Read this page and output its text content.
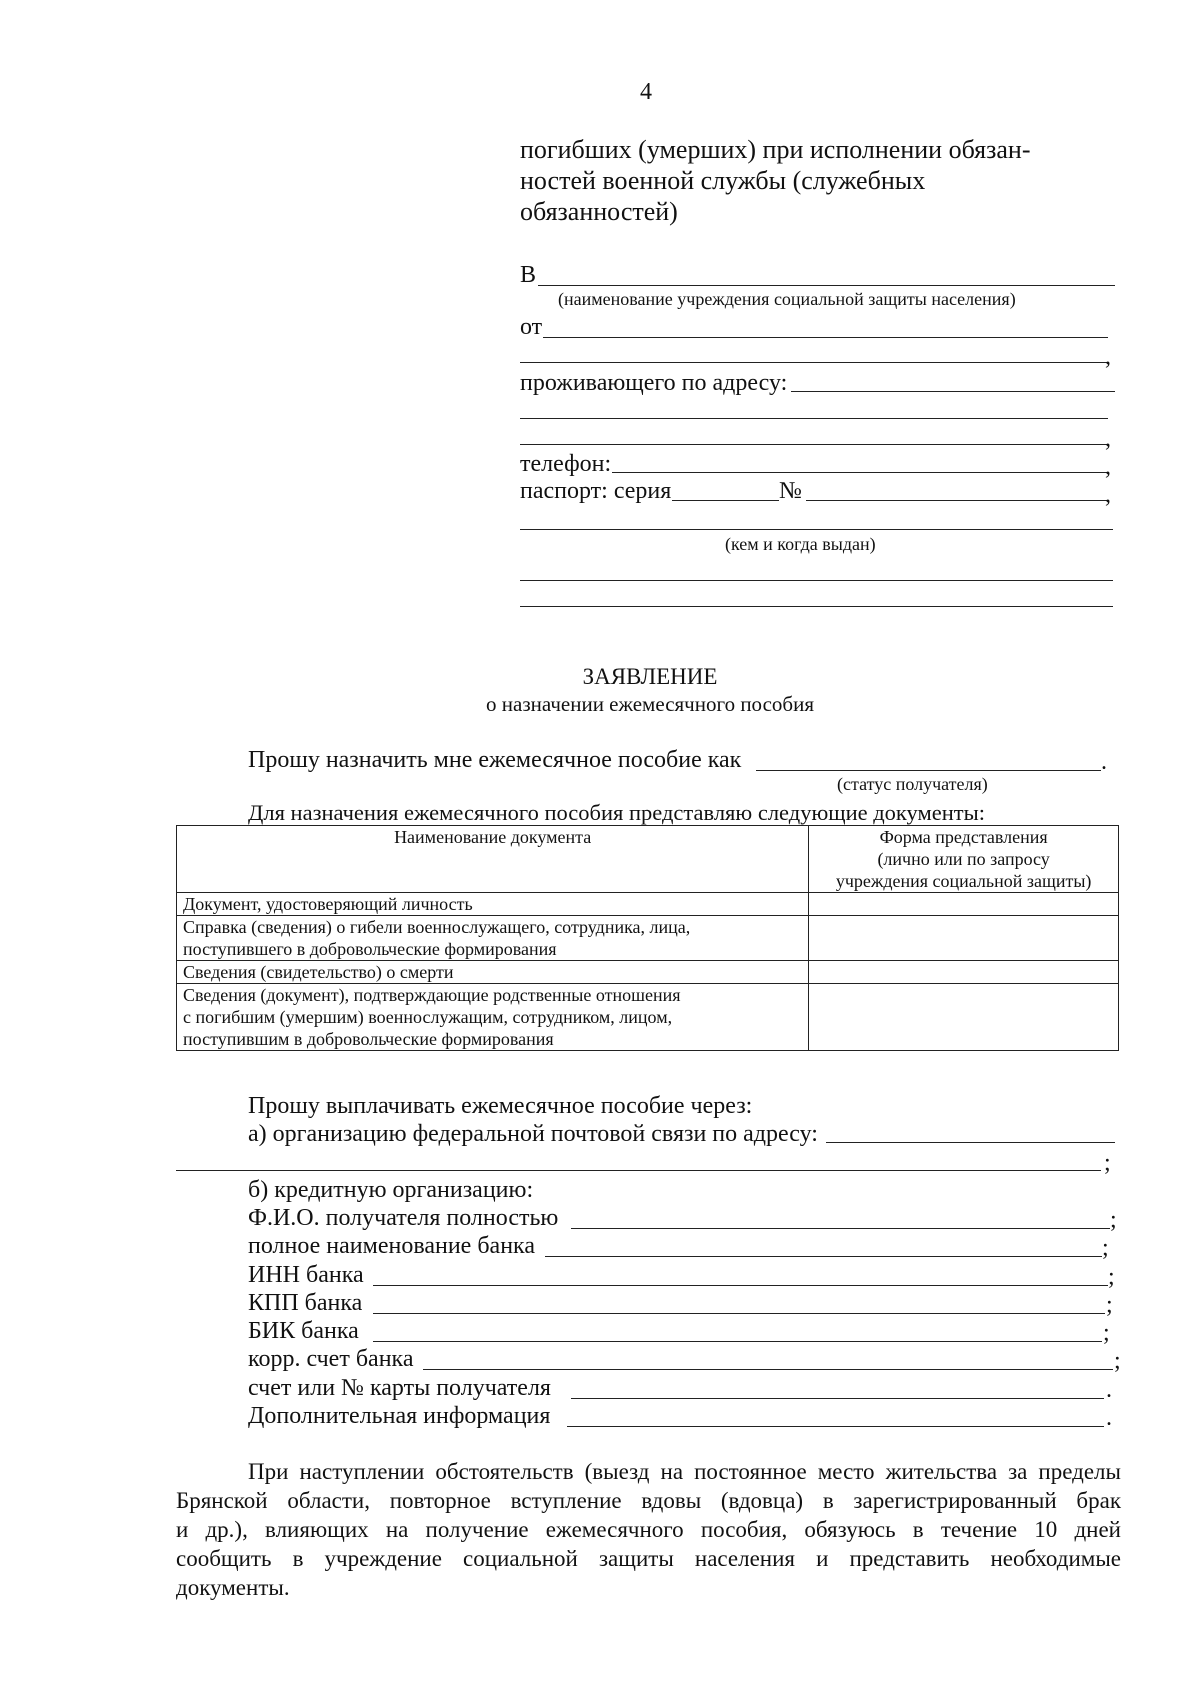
4
погибших (умерших) при исполнении обязан-
ностей военной службы (служебных
обязанностей)
В
(наименование учреждения социальной защиты населения)
от
,
проживающего по адресу:
,
телефон:	,
паспорт: серия	№	,
(кем и когда выдан)
ЗАЯВЛЕНИЕ
о назначении ежемесячного пособия
Прошу назначить мне ежемесячное пособие как	.
(статус получателя)
Для назначения ежемесячного пособия представляю следующие документы:
Наименование документа	Форма представления
(лично или по запросу
учреждения социальной защиты)

Документ, удостоверяющий личность	

Справка (сведения) о гибели военнослужащего, сотрудника, лица,
поступившего в добровольческие формирования	

Сведения (свидетельство) о смерти	

Сведения (документ), подтверждающие родственные отношения
с погибшим (умершим) военнослужащим, сотрудником, лицом,
поступившим в добровольческие формирования	

Прошу выплачивать ежемесячное пособие через:
а) организацию федеральной почтовой связи по адресу:
;
б) кредитную организацию:
Ф.И.О. получателя полностью	;
полное наименование банка	;
ИНН банка	;
КПП банка	;
БИК банка	;
корр. счет банка	;
счет или № карты получателя	.
Дополнительная информация	.
При наступлении обстоятельств (выезд на постоянное место жительства за пределы
Брянской области, повторное вступление вдовы (вдовца) в зарегистрированный брак
и др.), влияющих на получение ежемесячного пособия, обязуюсь в течение 10 дней
сообщить в учреждение социальной защиты населения и представить необходимые
документы.
